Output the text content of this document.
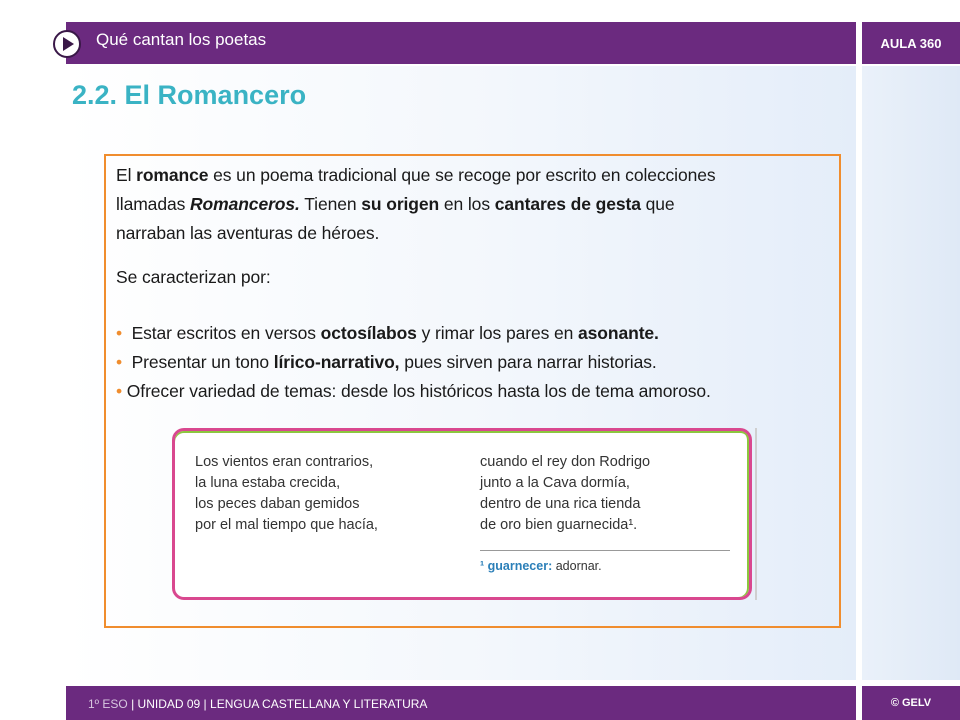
Qué cantan los poetas	AULA 360
2.2. El Romancero
El romance es un poema tradicional que se recoge por escrito en colecciones
llamadas Romanceros. Tienen su origen en los cantares de gesta que
narraban las aventuras de héroes.
Se caracterizan por:
• Estar escritos en versos octosílabos y rimar los pares en asonante.
• Presentar un tono lírico-narrativo, pues sirven para narrar historias.
• Ofrecer variedad de temas: desde los históricos hasta los de tema amoroso.
Los vientos eran contrarios,
la luna estaba crecida,
los peces daban gemidos
por el mal tiempo que hacía,
cuando el rey don Rodrigo
junto a la Cava dormía,
dentro de una rica tienda
de oro bien guarnecida¹.
¹ guarnecer: adornar.
1º ESO | UNIDAD 09 | LENGUA CASTELLANA Y LITERATURA	© GELV
